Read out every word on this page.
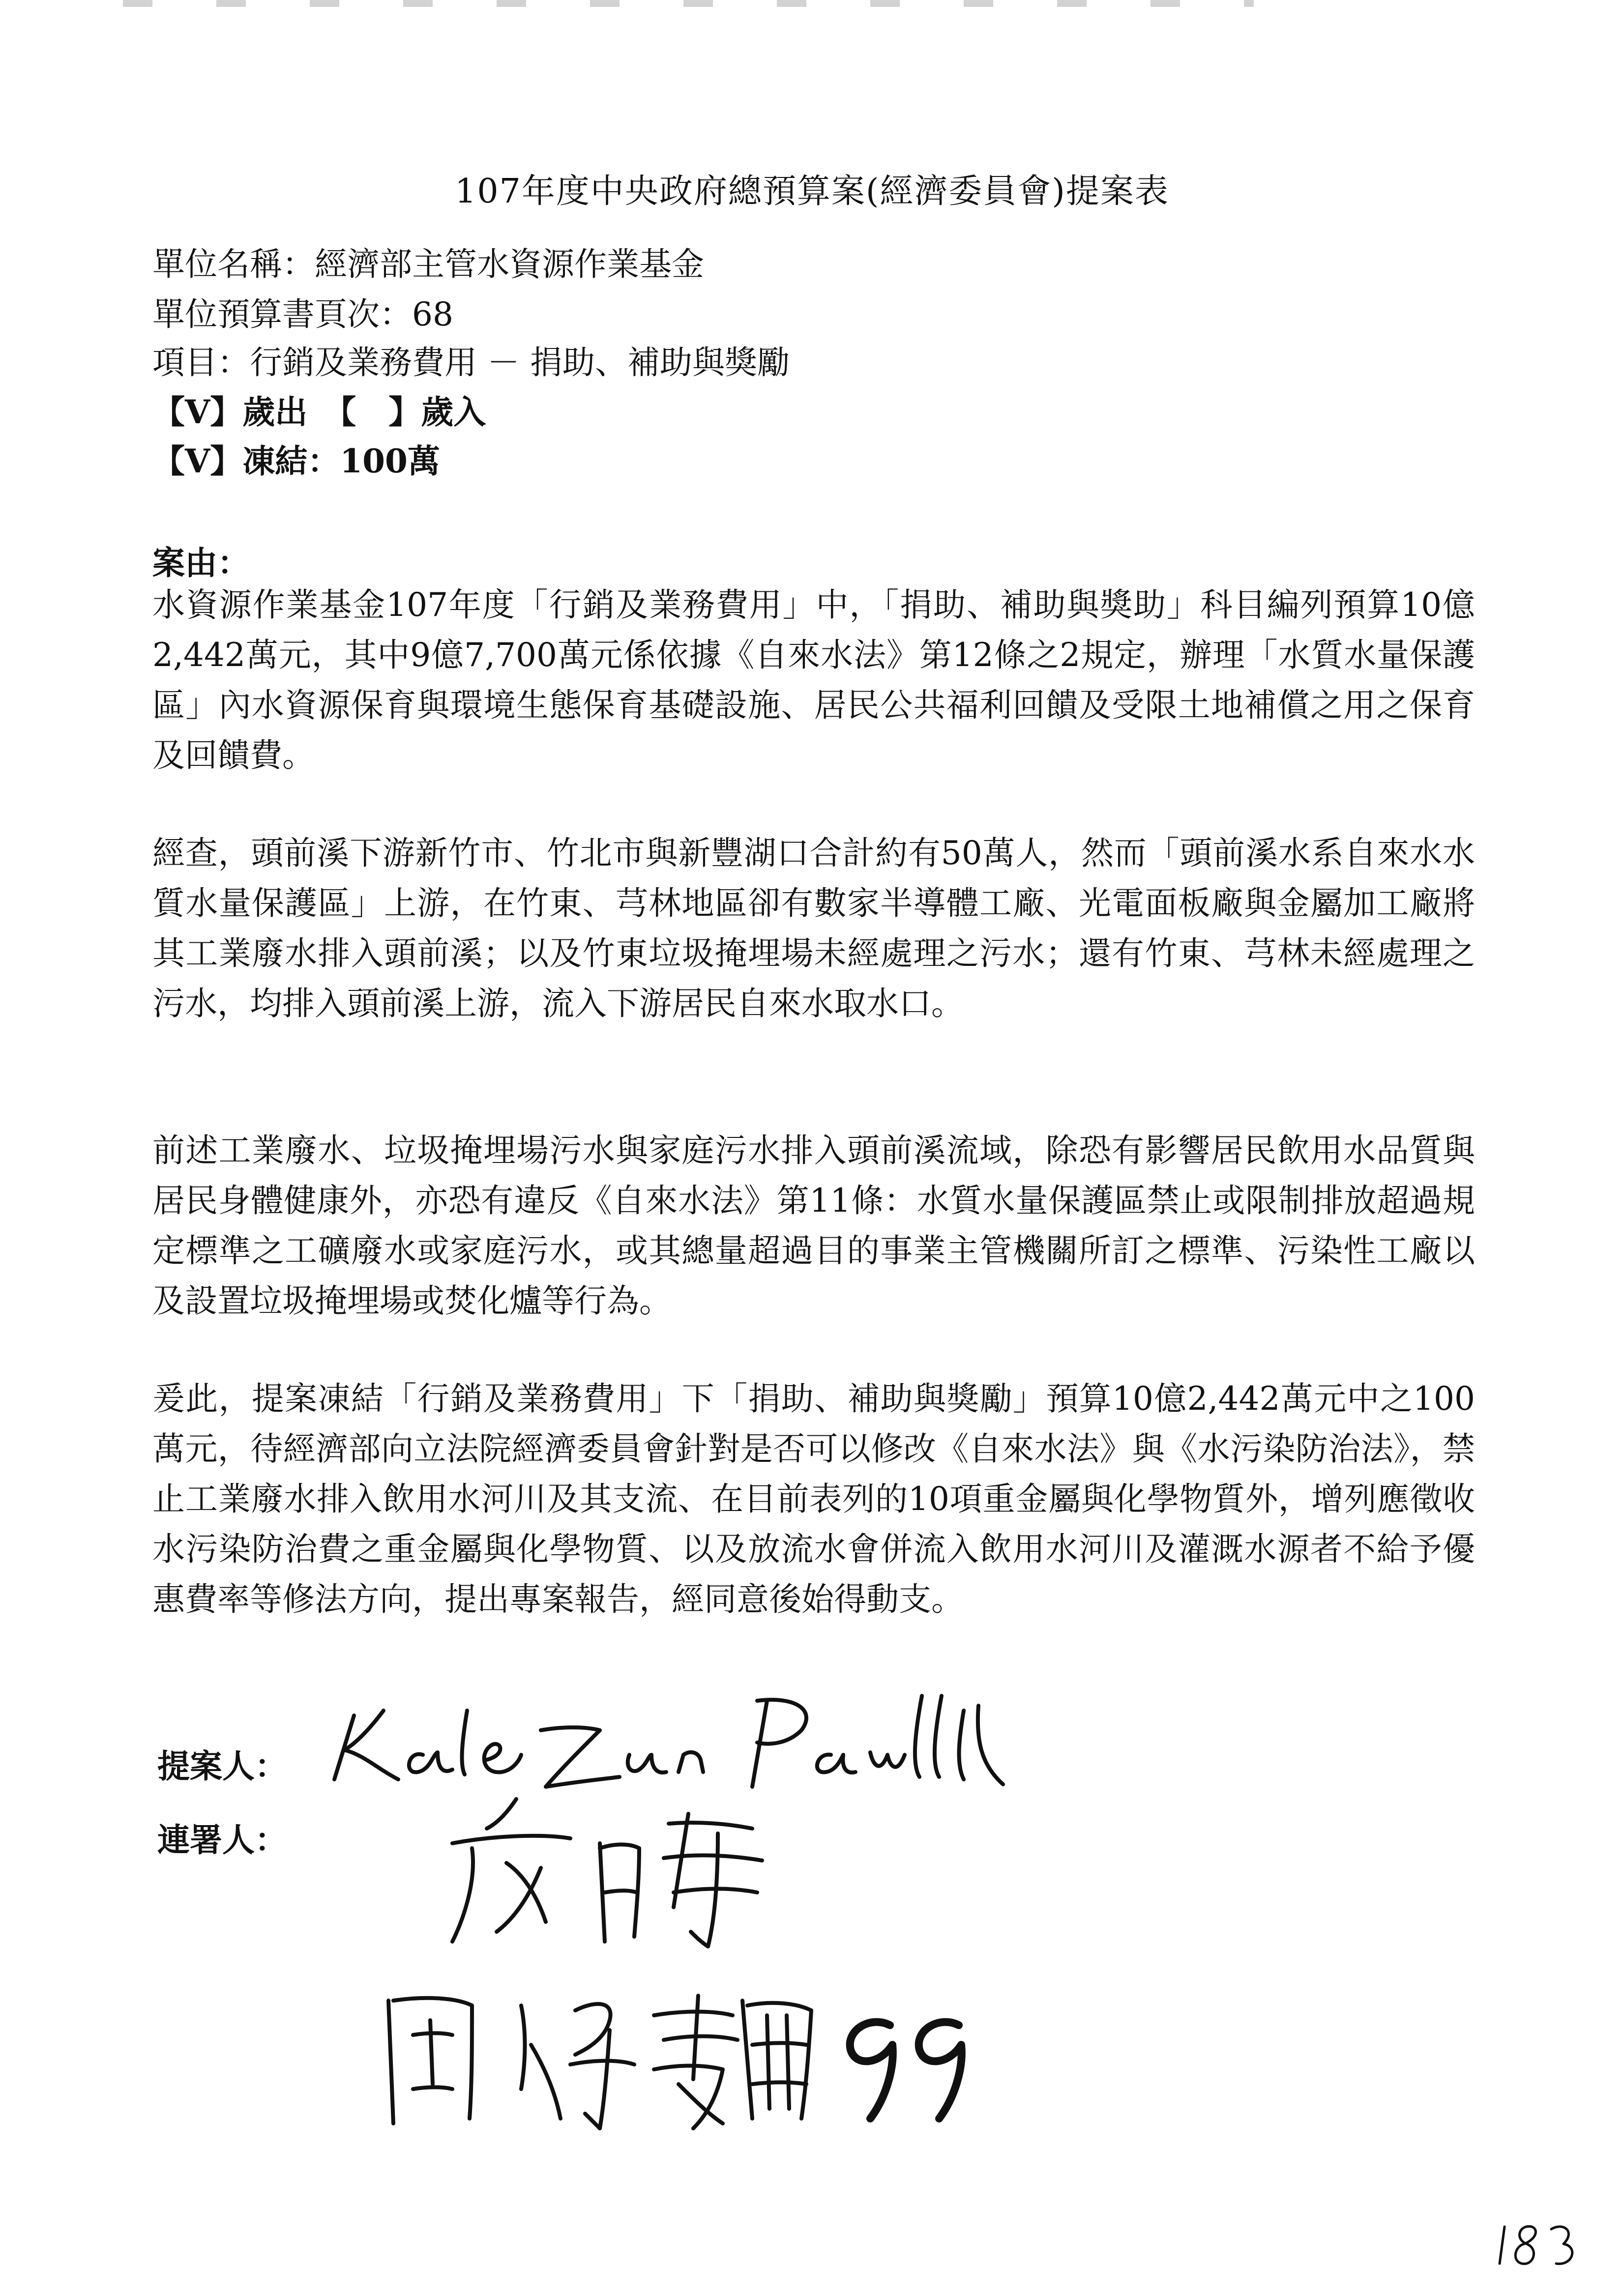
107年度中央政府總預算案(經濟委員會)提案表
單位名稱：經濟部主管水資源作業基金
單位預算書頁次：68
項目：行銷及業務費用 － 捐助、補助與獎勵
【V】歲出　【　】歲入
【V】凍結：100萬
案由：
水資源作業基金107年度「行銷及業務費用」中，「捐助、補助與獎助」科目編列預算10億2,442萬元，其中9億7,700萬元係依據《自來水法》第12條之2規定，辦理「水質水量保護區」內水資源保育與環境生態保育基礎設施、居民公共福利回饋及受限土地補償之用之保育及回饋費。
經查，頭前溪下游新竹市、竹北市與新豐湖口合計約有50萬人，然而「頭前溪水系自來水水質水量保護區」上游，在竹東、芎林地區卻有數家半導體工廠、光電面板廠與金屬加工廠將其工業廢水排入頭前溪；以及竹東垃圾掩埋場未經處理之污水；還有竹東、芎林未經處理之污水，均排入頭前溪上游，流入下游居民自來水取水口。
前述工業廢水、垃圾掩埋場污水與家庭污水排入頭前溪流域，除恐有影響居民飲用水品質與居民身體健康外，亦恐有違反《自來水法》第11條：水質水量保護區禁止或限制排放超過規定標準之工礦廢水或家庭污水，或其總量超過目的事業主管機關所訂之標準、污染性工廠以及設置垃圾掩埋場或焚化爐等行為。
爰此，提案凍結「行銷及業務費用」下「捐助、補助與獎勵」預算10億2,442萬元中之100萬元，待經濟部向立法院經濟委員會針對是否可以修改《自來水法》與《水污染防治法》，禁止工業廢水排入飲用水河川及其支流、在目前表列的10項重金屬與化學物質外，增列應徵收水污染防治費之重金屬與化學物質、以及放流水會併流入飲用水河川及灌溉水源者不給予優惠費率等修法方向，提出專案報告，經同意後始得動支。
提案人：
連署人：
